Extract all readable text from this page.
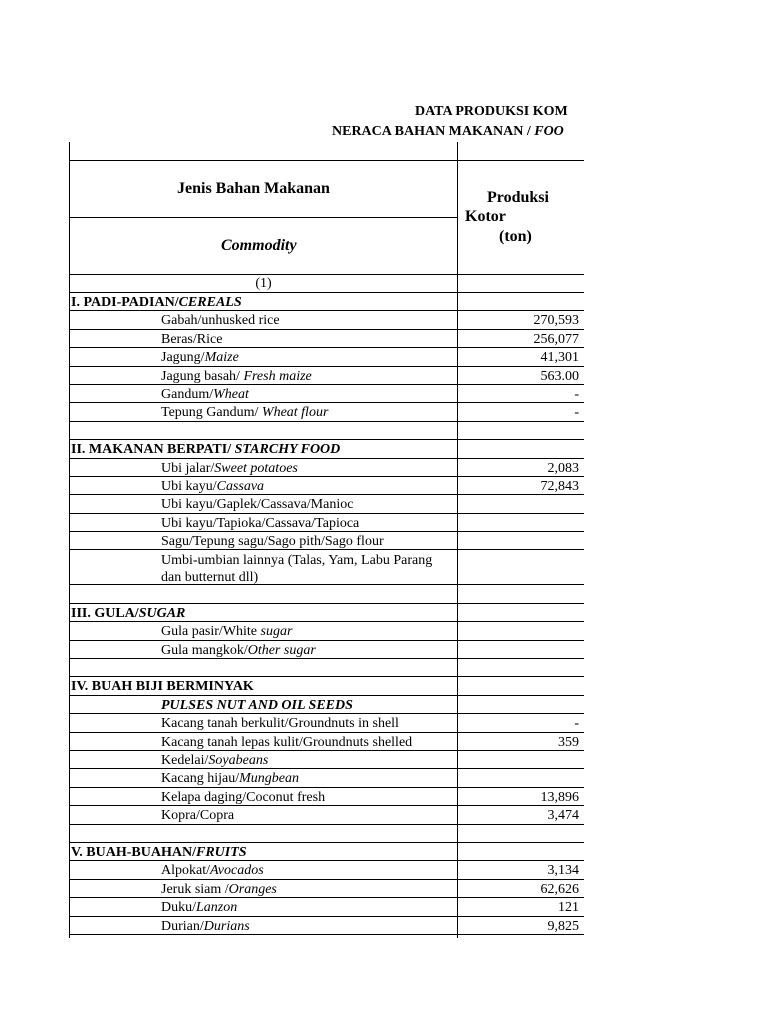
DATA PRODUKSI KOM
NERACA BAHAN MAKANAN / FOO
Jenis Bahan Makanan
Commodity
Produksi
Kotor
(ton)
(1)
I. PADI-PADIAN/CEREALS
Gabah/unhusked rice	270,593
Beras/Rice	256,077
Jagung/Maize	41,301
Jagung basah/ Fresh maize	563.00
Gandum/Wheat	-
Tepung Gandum/ Wheat flour	-
II. MAKANAN BERPATI/ STARCHY FOOD
Ubi jalar/Sweet potatoes	2,083
Ubi kayu/Cassava	72,843
Ubi kayu/Gaplek/Cassava/Manioc
Ubi kayu/Tapioka/Cassava/Tapioca
Sagu/Tepung sagu/Sago pith/Sago flour
Umbi-umbian lainnya (Talas, Yam, Labu Parang dan butternut dll)
III. GULA/SUGAR
Gula pasir/White sugar
Gula mangkok/Other sugar
IV. BUAH BIJI BERMINYAK
PULSES NUT AND OIL SEEDS
Kacang tanah berkulit/Groundnuts in shell	-
Kacang tanah lepas kulit/Groundnuts shelled	359
Kedelai/Soyabeans
Kacang hijau/Mungbean
Kelapa daging/Coconut fresh	13,896
Kopra/Copra	3,474
V. BUAH-BUAHAN/FRUITS
Alpokat/Avocados	3,134
Jeruk siam /Oranges	62,626
Duku/Lanzon	121
Durian/Durians	9,825
